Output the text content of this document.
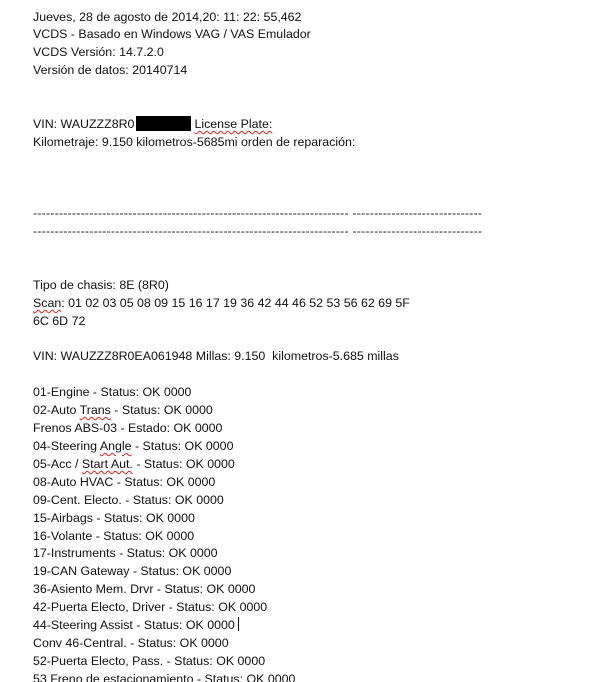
Jueves, 28 de agosto de 2014,20: 11: 22: 55,462
VCDS - Basado en Windows VAG / VAS Emulador
VCDS Versión: 14.7.2.0
Versión de datos: 20140714
VIN: WAUZZZ8R0	License Plate:
Kilometraje: 9.150 kilometros-5685mi orden de reparación:
------------------------------------------------------------------------- ------------------------------
------------------------------------------------------------------------- ------------------------------
Tipo de chasis: 8E (8R0)
Scan: 01 02 03 05 08 09 15 16 17 19 36 42 44 46 52 53 56 62 69 5F
6C 6D 72
VIN: WAUZZZ8R0EA061948 Millas: 9.150  kilometros-5.685 millas
01-Engine - Status: OK 0000
02-Auto Trans - Status: OK 0000
Frenos ABS-03 - Estado: OK 0000
04-Steering Angle - Status: OK 0000
05-Acc / Start Aut. - Status: OK 0000
08-Auto HVAC - Status: OK 0000
09-Cent. Electo. - Status: OK 0000
15-Airbags - Status: OK 0000
16-Volante - Status: OK 0000
17-Instruments - Status: OK 0000
19-CAN Gateway - Status: OK 0000
36-Asiento Mem. Drvr - Status: OK 0000
42-Puerta Electo, Driver - Status: OK 0000
44-Steering Assist - Status: OK 0000
Conv 46-Central. - Status: OK 0000
52-Puerta Electo, Pass. - Status: OK 0000
53 Freno de estacionamiento - Status: OK 0000
